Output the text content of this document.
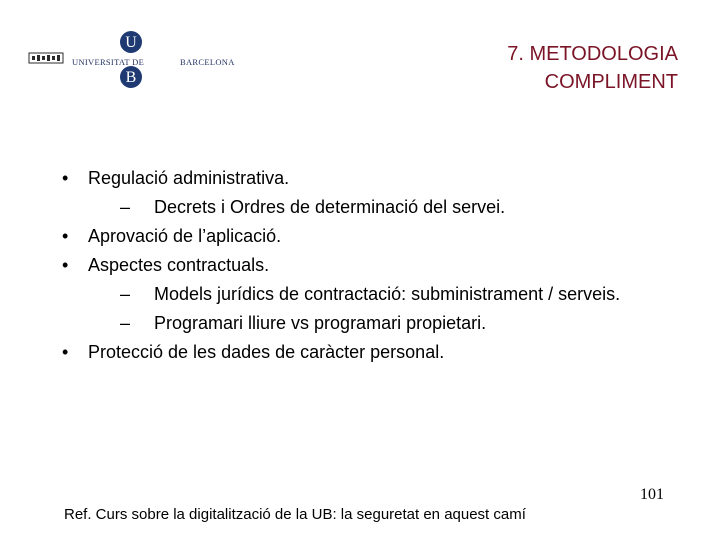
U
B
UNIVERSITAT DE	BARCELONA	7. METODOLOGIA
COMPLIMENT
• Regulació administrativa.
– Decrets i Ordres de determinació del servei.
• Aprovació de l’aplicació.
• Aspectes contractuals.
– Models jurídics de contractació: subministrament / serveis.
– Programari lliure vs programari propietari.
• Protecció de les dades de caràcter personal.
101
Ref. Curs sobre la digitalització de la UB: la seguretat en aquest camí
